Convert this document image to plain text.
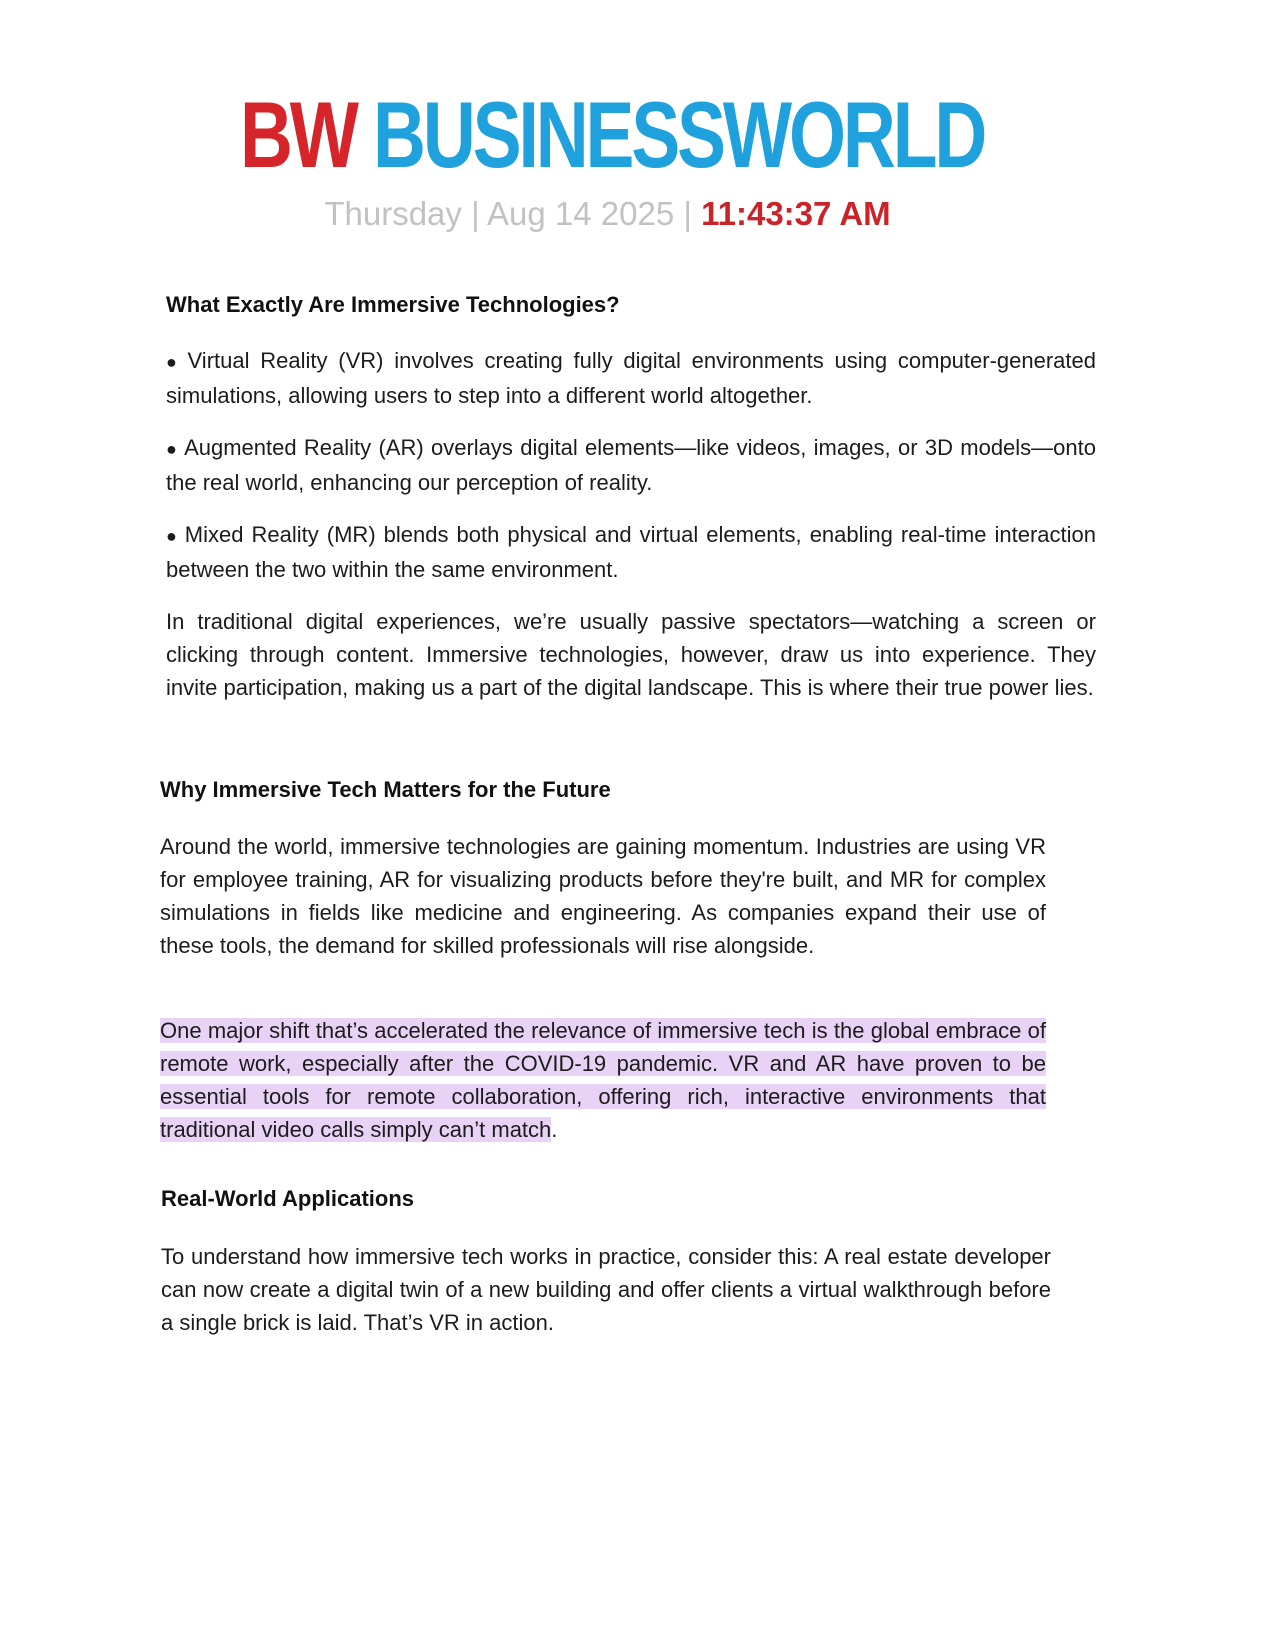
BW BUSINESSWORLD
Thursday | Aug 14 2025 | 11:43:37 AM
What Exactly Are Immersive Technologies?

● Virtual Reality (VR) involves creating fully digital environments using computer-generated simulations, allowing users to step into a different world altogether.

● Augmented Reality (AR) overlays digital elements—like videos, images, or 3D models—onto the real world, enhancing our perception of reality.

● Mixed Reality (MR) blends both physical and virtual elements, enabling real-time interaction between the two within the same environment.

In traditional digital experiences, we’re usually passive spectators—watching a screen or clicking through content. Immersive technologies, however, draw us into experience. They invite participation, making us a part of the digital landscape. This is where their true power lies.

Why Immersive Tech Matters for the Future

Around the world, immersive technologies are gaining momentum. Industries are using VR for employee training, AR for visualizing products before they're built, and MR for complex simulations in fields like medicine and engineering. As companies expand their use of these tools, the demand for skilled professionals will rise alongside.

One major shift that’s accelerated the relevance of immersive tech is the global embrace of remote work, especially after the COVID-19 pandemic. VR and AR have proven to be essential tools for remote collaboration, offering rich, interactive environments that traditional video calls simply can’t match.

Real-World Applications

To understand how immersive tech works in practice, consider this: A real estate developer can now create a digital twin of a new building and offer clients a virtual walkthrough before a single brick is laid. That’s VR in action.
